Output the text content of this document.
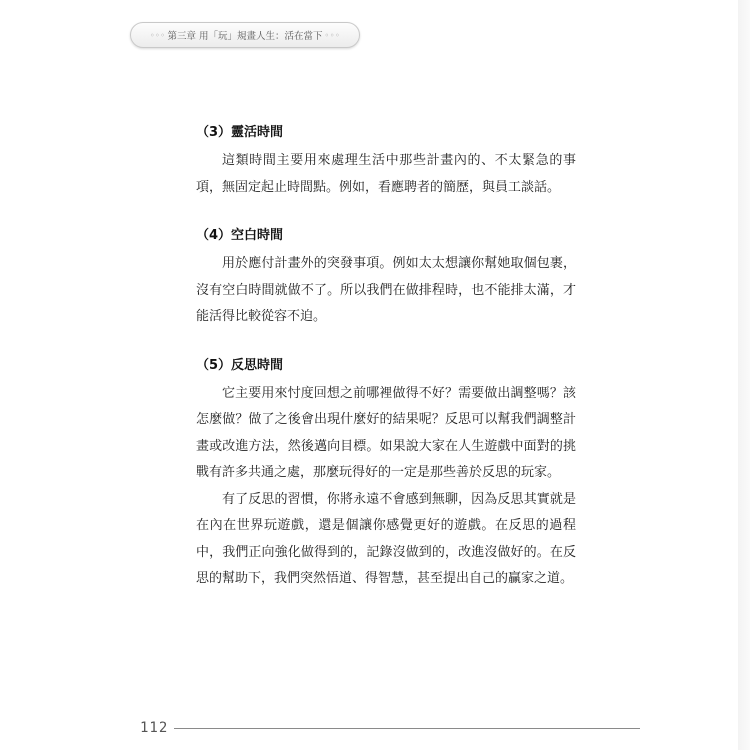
◦◦◦ 第三章 用「玩」規畫人生：活在當下 ◦◦◦
（3）靈活時間

這類時間主要用來處理生活中那些計畫內的、不太緊急的事項，無固定起止時間點。例如，看應聘者的簡歷，與員工談話。

（4）空白時間

用於應付計畫外的突發事項。例如太太想讓你幫她取個包裹，沒有空白時間就做不了。所以我們在做排程時，也不能排太滿，才能活得比較從容不迫。

（5）反思時間

它主要用來忖度回想之前哪裡做得不好？需要做出調整嗎？該怎麼做？做了之後會出現什麼好的結果呢？反思可以幫我們調整計畫或改進方法，然後邁向目標。如果說大家在人生遊戲中面對的挑戰有許多共通之處，那麼玩得好的一定是那些善於反思的玩家。

有了反思的習慣，你將永遠不會感到無聊，因為反思其實就是在內在世界玩遊戲，還是個讓你感覺更好的遊戲。在反思的過程中，我們正向強化做得到的，記錄沒做到的，改進沒做好的。在反思的幫助下，我們突然悟道、得智慧，甚至提出自己的贏家之道。

112
